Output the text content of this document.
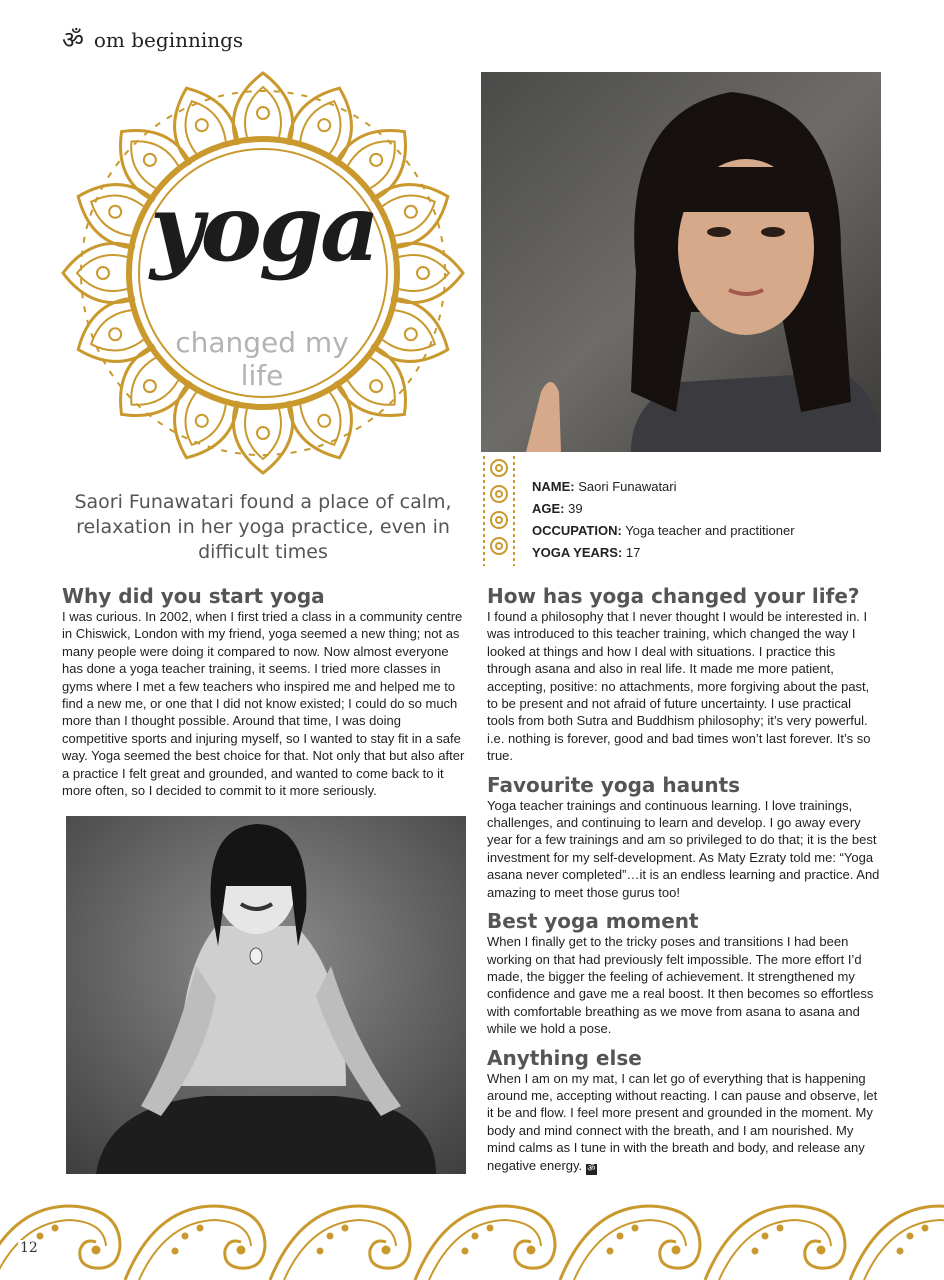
ॐ om beginnings
yoga
changed my life
Saori Funawatari found a place of calm, relaxation in her yoga practice, even in difficult times
NAME: Saori Funawatari
AGE: 39
OCCUPATION: Yoga teacher and practitioner
YOGA YEARS: 17
Why did you start yoga

I was curious. In 2002, when I first tried a class in a community centre in Chiswick, London with my friend, yoga seemed a new thing; not as many people were doing it compared to now. Now almost everyone has done a yoga teacher training, it seems. I tried more classes in gyms where I met a few teachers who inspired me and helped me to find a new me, or one that I did not know existed; I could do so much more than I thought possible. Around that time, I was doing competitive sports and injuring myself, so I wanted to stay fit in a safe way. Yoga seemed the best choice for that. Not only that but also after a practice I felt great and grounded, and wanted to come back to it more often, so I decided to commit to it more seriously.

How has yoga changed your life?

I found a philosophy that I never thought I would be interested in. I was introduced to this teacher training, which changed the way I looked at things and how I deal with situations. I practice this through asana and also in real life. It made me more patient, accepting, positive: no attachments, more forgiving about the past, to be present and not afraid of future uncertainty. I use practical tools from both Sutra and Buddhism philosophy; it’s very powerful. i.e. nothing is forever, good and bad times won’t last forever. It’s so true.

Favourite yoga haunts

Yoga teacher trainings and continuous learning. I love trainings, challenges, and continuing to learn and develop. I go away every year for a few trainings and am so privileged to do that; it is the best investment for my self-development. As Maty Ezraty told me: “Yoga asana never completed”…it is an endless learning and practice. And amazing to meet those gurus too!

Best yoga moment

When I finally get to the tricky poses and transitions I had been working on that had previously felt impossible. The more effort I’d made, the bigger the feeling of achievement. It strengthened my confidence and gave me a real boost. It then becomes so effortless with comfortable breathing as we move from asana to asana and while we hold a pose.

Anything else

When I am on my mat, I can let go of everything that is happening around me, accepting without reacting. I can pause and observe, let it be and flow. I feel more present and grounded in the moment. My body and mind connect with the breath, and I am nourished. My mind calms as I tune in with the breath and body, and release any negative energy. ॐ

12
